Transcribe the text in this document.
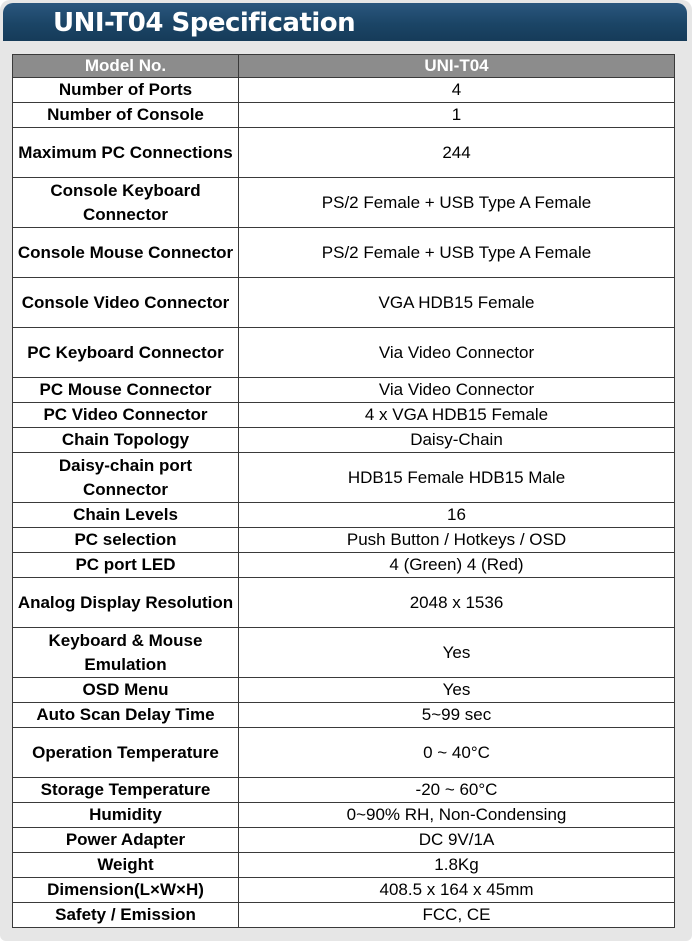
UNI-T04 Specification
Model No.	UNI-T04
Number of Ports	4
Number of Console	1
Maximum PC Connections	244
Console Keyboard Connector	PS/2 Female + USB Type A Female
Console Mouse Connector	PS/2 Female + USB Type A Female
Console Video Connector	VGA HDB15 Female
PC Keyboard Connector	Via Video Connector
PC Mouse Connector	Via Video Connector
PC Video Connector	4 x VGA HDB15 Female
Chain Topology	Daisy-Chain
Daisy-chain port Connector	HDB15 Female HDB15 Male
Chain Levels	16
PC selection	Push Button / Hotkeys / OSD
PC port LED	4 (Green) 4 (Red)
Analog Display Resolution	2048 x 1536
Keyboard & Mouse Emulation	Yes
OSD Menu	Yes
Auto Scan Delay Time	5~99 sec
Operation Temperature	0 ~ 40°C
Storage Temperature	-20 ~ 60°C
Humidity	0~90% RH, Non-Condensing
Power Adapter	DC 9V/1A
Weight	1.8Kg
Dimension(L×W×H)	408.5 x 164 x 45mm
Safety / Emission	FCC, CE
